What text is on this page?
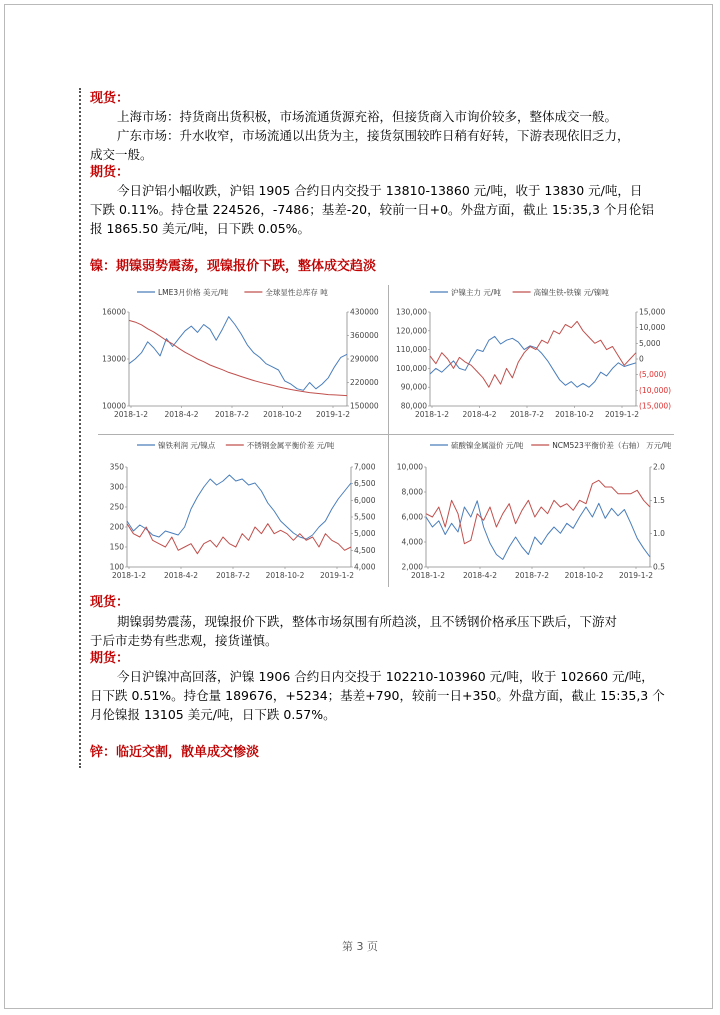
现货：
上海市场：持货商出货积极，市场流通货源充裕，但接货商入市询价较多，整体成交一般。
广东市场：升水收窄，市场流通以出货为主，接货氛围较昨日稍有好转，下游表现依旧乏力，
成交一般。
期货：
今日沪铝小幅收跌，沪铝 1905 合约日内交投于 13810-13860 元/吨，收于 13830 元/吨，日
下跌 0.11%。持仓量 224526，-7486；基差-20，较前一日+0。外盘方面，截止 15:35,3 个月伦铝
报 1865.50 美元/吨，日下跌 0.05%。
镍：期镍弱势震荡，现镍报价下跌，整体成交趋淡
LME3月价格 美元/吨	全球显性总库存 吨
16000
13000
10000
430000
360000
290000
220000
150000
2018-1-2 2018-4-2 2018-7-2 2018-10-2 2019-1-2
沪镍主力 元/吨	高镍生铁-铁镍 元/镍吨
130,000
120,000
110,000
100,000
90,000
80,000
15,000
10,000
5,000
0
(5,000)
(10,000)
(15,000)
2018-1-2 2018-4-2 2018-7-2 2018-10-2 2019-1-2
镍铁利润 元/镍点	不锈钢金属平衡价差 元/吨
350
300
250
200
150
100
7,000
6,500
6,000
5,500
5,000
4,500
4,000
2018-1-2 2018-4-2 2018-7-2 2018-10-2 2019-1-2
硫酸镍金属溢价 元/吨	NCM523平衡价差（右轴） 万元/吨
10,000
8,000
6,000
4,000
2,000
2.0
1.5
1.0
0.5
2018-1-2 2018-4-2 2018-7-2 2018-10-2 2019-1-2
现货：
期镍弱势震荡，现镍报价下跌，整体市场氛围有所趋淡，且不锈钢价格承压下跌后，下游对
于后市走势有些悲观，接货谨慎。
期货：
今日沪镍冲高回落，沪镍 1906 合约日内交投于 102210-103960 元/吨，收于 102660 元/吨，
日下跌 0.51%。持仓量 189676，+5234；基差+790，较前一日+350。外盘方面，截止 15:35,3 个
月伦镍报 13105 美元/吨，日下跌 0.57%。
锌：临近交割，散单成交惨淡
第 3 页
